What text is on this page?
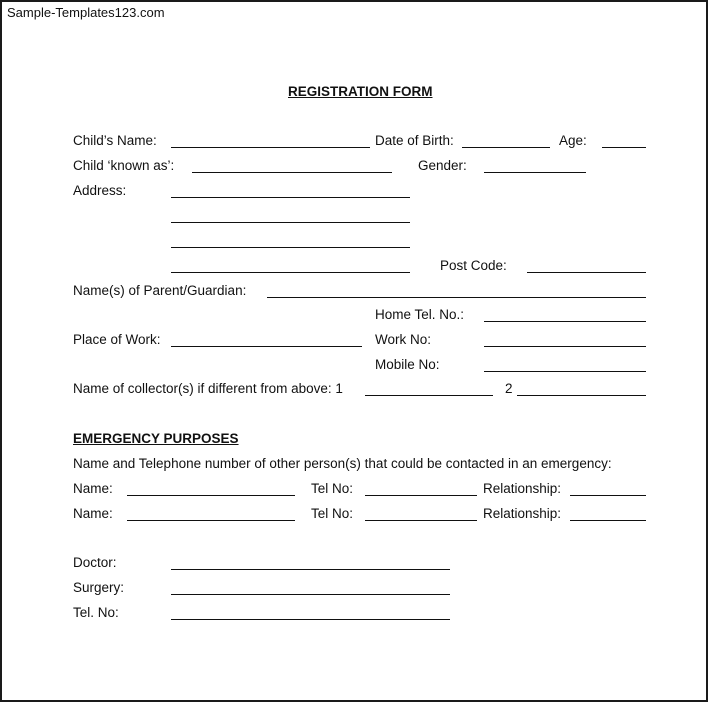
Sample-Templates123.com
REGISTRATION FORM
Child’s Name:	Date of Birth:	Age:
Child ‘known as’:	Gender:
Address:
Post Code:
Name(s) of Parent/Guardian:
Home Tel. No.:
Place of Work:	Work No:
Mobile No:
Name of collector(s) if different from above: 1	2
EMERGENCY PURPOSES
Name and Telephone number of other person(s) that could be contacted in an emergency:
Name:	Tel No:	Relationship:
Name:	Tel No:	Relationship:
Doctor:
Surgery:
Tel. No:
